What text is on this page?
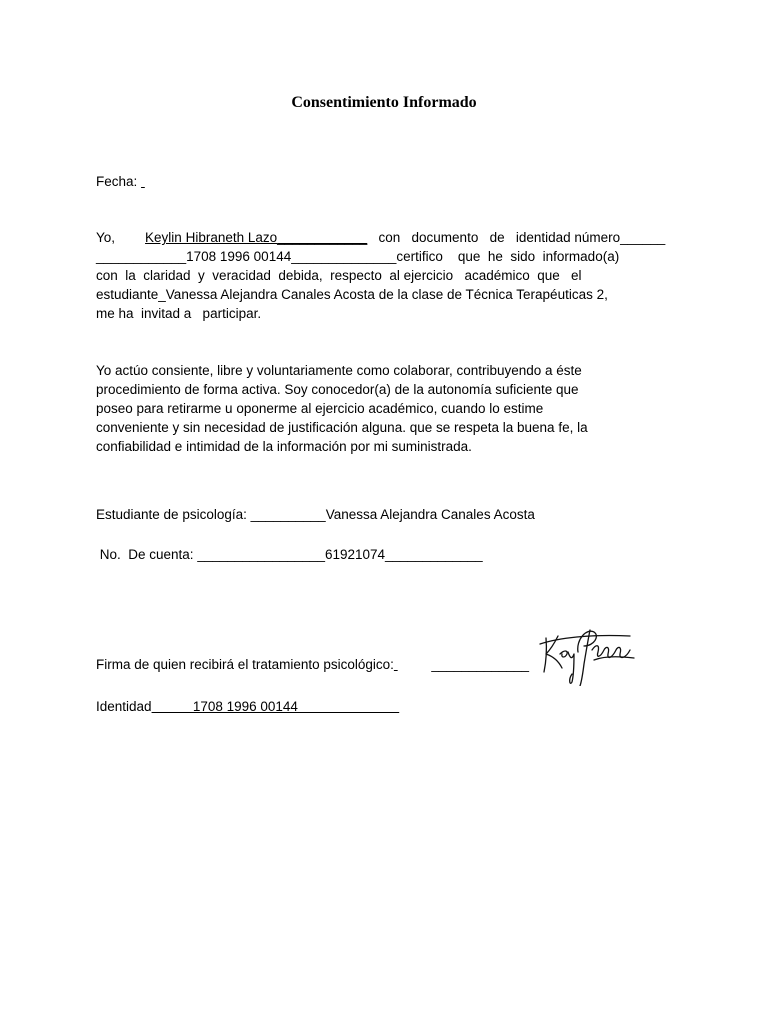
Consentimiento Informado
Fecha:
Yo, Keylin Hibraneth Lazo____________ con   documento   de   identidad número______
____________1708 1996 00144______________certifico    que  he  sido  informado(a)
con  la  claridad  y  veracidad  debida,  respecto  al ejercicio   académico  que   el
estudiante_Vanessa Alejandra Canales Acosta de la clase de Técnica Terapéuticas 2,
me ha  invitad a   participar.
Yo actúo consiente, libre y voluntariamente como colaborar, contribuyendo a éste
procedimiento de forma activa. Soy conocedor(a) de la autonomía suficiente que
poseo para retirarme u oponerme al ejercicio académico, cuando lo estime
conveniente y sin necesidad de justificación alguna. que se respeta la buena fe, la
confiabilidad e intimidad de la información por mi suministrada.
Estudiante de psicología: __________Vanessa Alejandra Canales Acosta
No.  De cuenta: _________________61921074_____________
Firma de quien recibirá el tratamiento psicológico:	_____________
Identidad           1708 1996 00144
